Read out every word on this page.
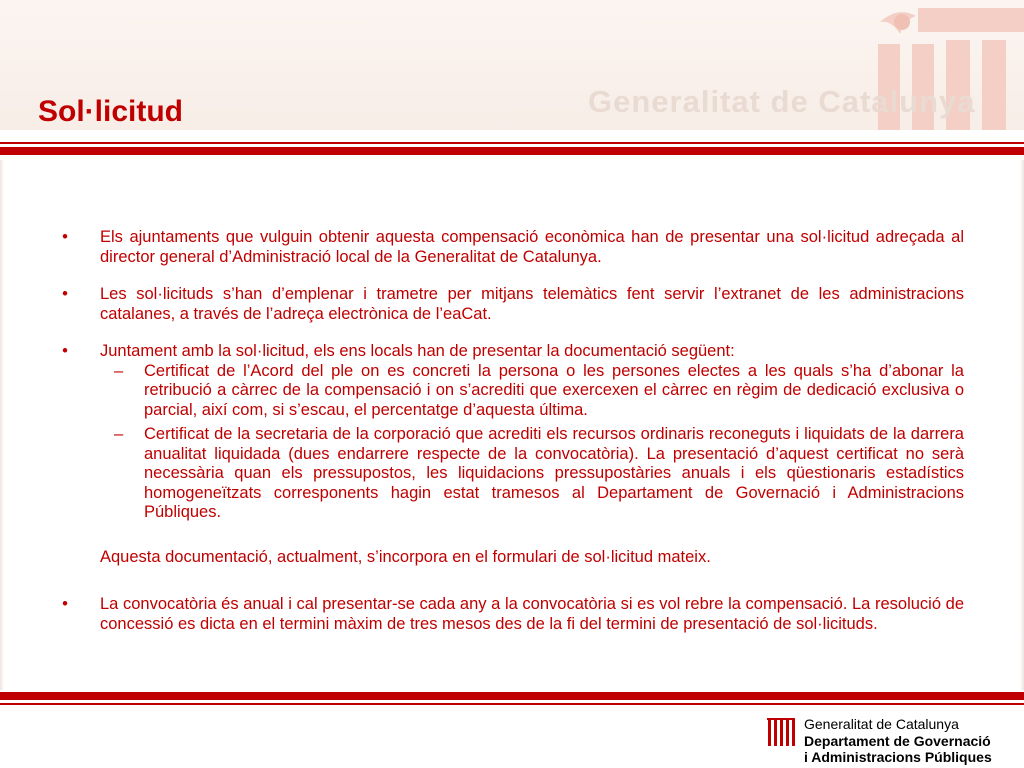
Generalitat de Catalunya
Sol·licitud
• Els ajuntaments que vulguin obtenir aquesta compensació econòmica han de presentar una sol·licitud adreçada al director general d’Administració local de la Generalitat de Catalunya.
• Les sol·licituds s’han d’emplenar i trametre per mitjans telemàtics fent servir l’extranet de les administracions catalanes, a través de l’adreça electrònica de l’eaCat.
• Juntament amb la sol·licitud, els ens locals han de presentar la documentació següent:
– Certificat de l’Acord del ple on es concreti la persona o les persones electes a les quals s’ha d’abonar la retribució a càrrec de la compensació i on s’acrediti que exercexen el càrrec en règim de dedicació exclusiva o parcial, així com, si s’escau, el percentatge d’aquesta última.
– Certificat de la secretaria de la corporació que acrediti els recursos ordinaris reconeguts i liquidats de la darrera anualitat liquidada (dues endarrere respecte de la convocatòria). La presentació d’aquest certificat no serà necessària quan els pressupostos, les liquidacions pressupostàries anuals i els qüestionaris estadístics homogeneïtzats corresponents hagin estat tramesos al Departament de Governació i Administracions Públiques.
Aquesta documentació, actualment, s’incorpora en el formulari de sol·licitud mateix.
• La convocatòria és anual i cal presentar-se cada any a la convocatòria si es vol rebre la compensació. La resolució de concessió es dicta en el termini màxim de tres mesos des de la fi del termini de presentació de sol·licituds.
Generalitat de Catalunya
Departament de Governació
i Administracions Públiques
